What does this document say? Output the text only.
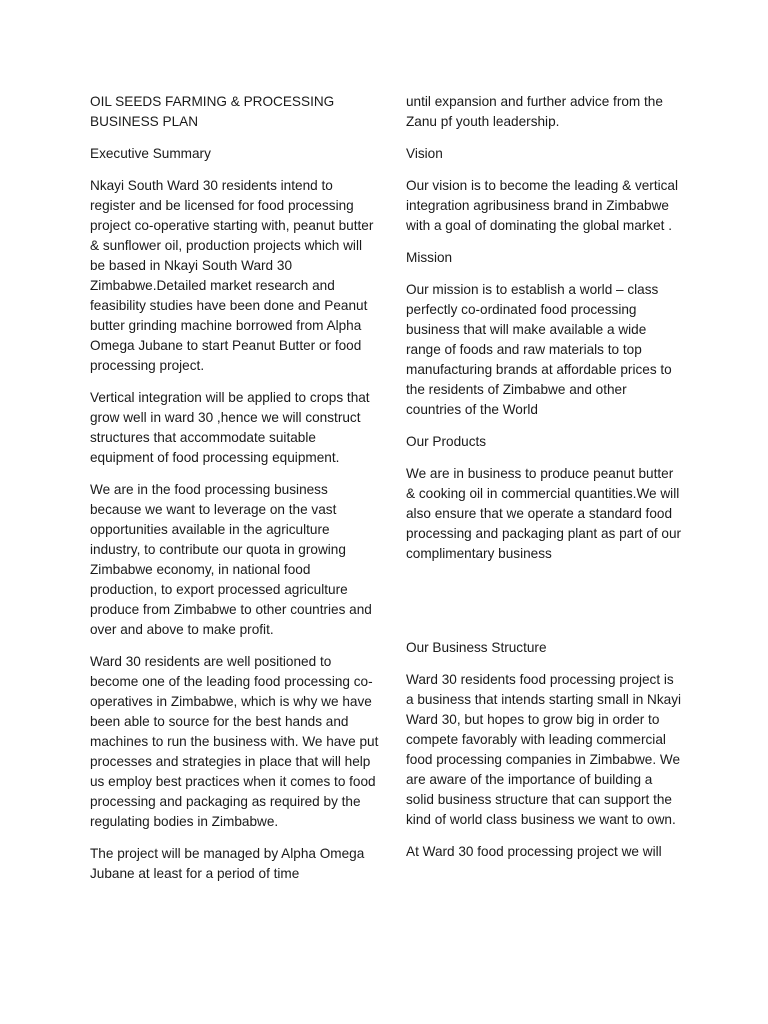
OIL SEEDS FARMING & PROCESSING BUSINESS PLAN

Executive Summary

Nkayi South Ward 30 residents intend to register and be licensed for food processing project co-operative starting with, peanut butter & sunflower oil, production projects which will be based in Nkayi South Ward 30 Zimbabwe.Detailed market research and feasibility studies have been done and Peanut butter grinding machine borrowed from Alpha Omega Jubane to start Peanut Butter or food processing project.

Vertical integration will be applied to crops that grow well in ward 30 ,hence we will construct structures that accommodate suitable equipment of food processing equipment.

We are in the food processing business because we want to leverage on the vast opportunities available in the agriculture industry, to contribute our quota in growing Zimbabwe economy, in national food production, to export processed agriculture produce from Zimbabwe to other countries and over and above to make profit.

Ward 30 residents are well positioned to become one of the leading food processing co-operatives in Zimbabwe, which is why we have been able to source for the best hands and machines to run the business with. We have put processes and strategies in place that will help us employ best practices when it comes to food processing and packaging as required by the regulating bodies in Zimbabwe.

The project will be managed by Alpha Omega Jubane at least for a period of time

until expansion and further advice from the Zanu pf youth leadership.

Vision

Our vision is to become the leading & vertical integration agribusiness brand in Zimbabwe with a goal of dominating the global market .

Mission

Our mission is to establish a world – class perfectly co-ordinated food processing business that will make available a wide range of foods and raw materials to top manufacturing brands at affordable prices to the residents of Zimbabwe and other countries of the World

Our Products

We are in business to produce peanut butter & cooking oil in commercial quantities.We will also ensure that we operate a standard food processing and packaging plant as part of our complimentary business

Our Business Structure

Ward 30 residents food processing project is a business that intends starting small in Nkayi Ward 30, but hopes to grow big in order to compete favorably with leading commercial food processing companies in Zimbabwe. We are aware of the importance of building a solid business structure that can support the kind of world class business we want to own.

At Ward 30 food processing project we will
